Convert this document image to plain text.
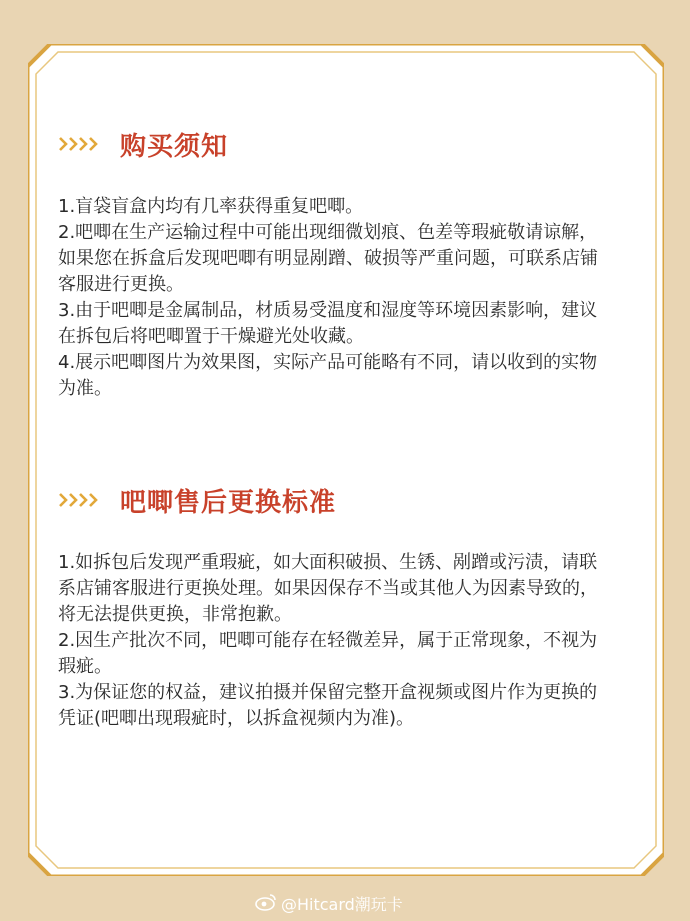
购买须知

1.盲袋盲盒内均有几率获得重复吧唧。

2.吧唧在生产运输过程中可能出现细微划痕、色差等瑕疵敬请谅解，如果您在拆盒后发现吧唧有明显剐蹭、破损等严重问题，可联系店铺客服进行更换。

3.由于吧唧是金属制品，材质易受温度和湿度等环境因素影响，建议在拆包后将吧唧置于干燥避光处收藏。

4.展示吧唧图片为效果图，实际产品可能略有不同，请以收到的实物为准。

吧唧售后更换标准

1.如拆包后发现严重瑕疵，如大面积破损、生锈、剐蹭或污渍，请联系店铺客服进行更换处理。如果因保存不当或其他人为因素导致的，将无法提供更换，非常抱歉。

2.因生产批次不同，吧唧可能存在轻微差异，属于正常现象，不视为瑕疵。

3.为保证您的权益，建议拍摄并保留完整开盒视频或图片作为更换的凭证(吧唧出现瑕疵时，以拆盒视频内为准)。

@Hitcard潮玩卡
